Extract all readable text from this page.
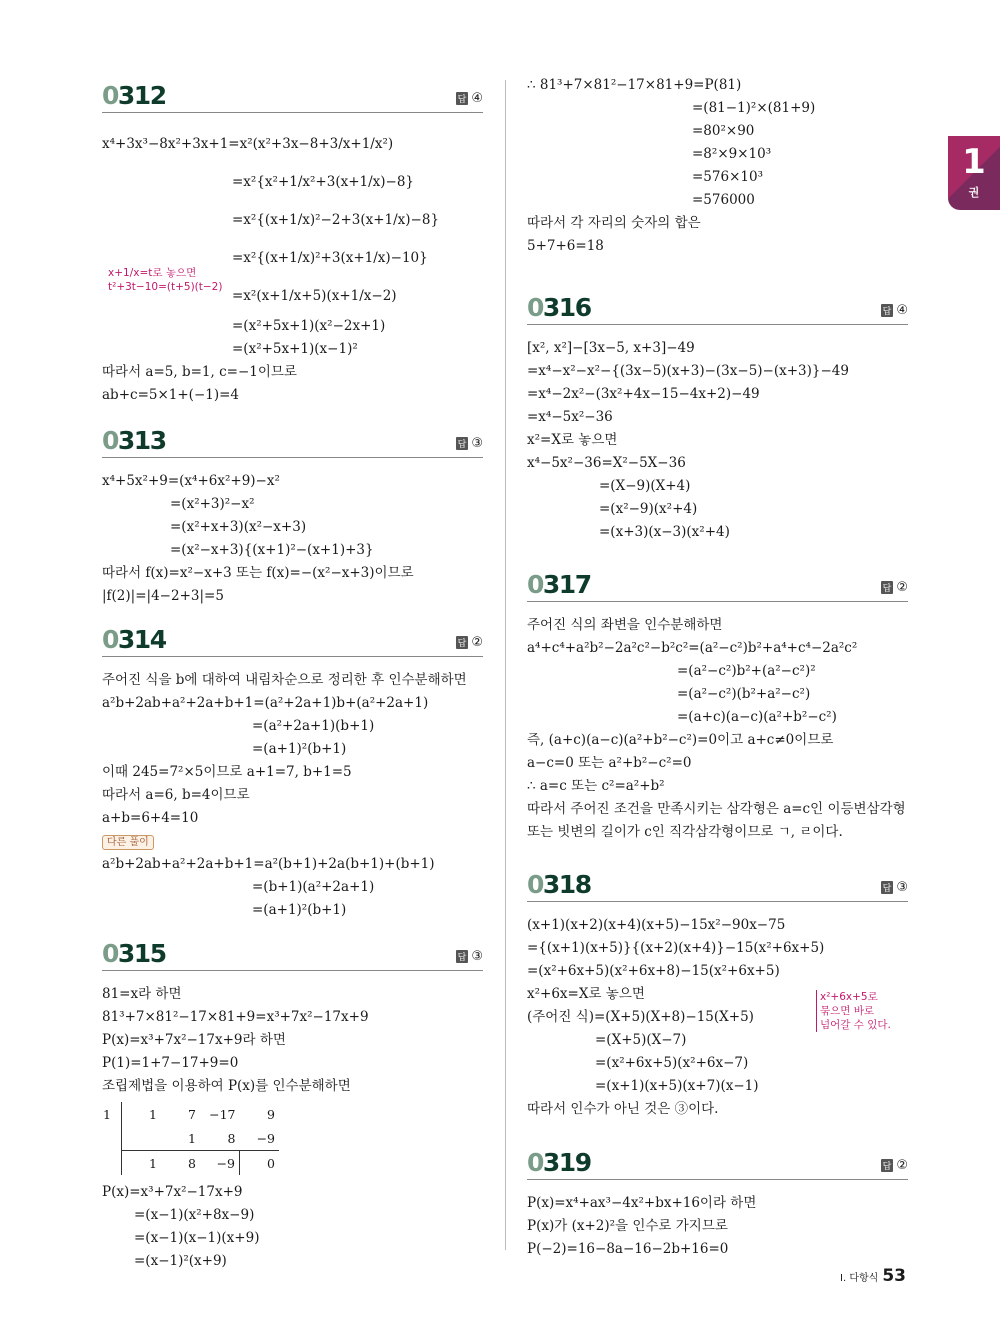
1
권
0312	답 ④
x⁴+3x³−8x²+3x+1=x²(x²+3x−8+3/x+1/x²)
=x²{x²+1/x²+3(x+1/x)−8}
=x²{(x+1/x)²−2+3(x+1/x)−8}
=x²{(x+1/x)²+3(x+1/x)−10}
=x²(x+1/x+5)(x+1/x−2)
=(x²+5x+1)(x²−2x+1)
=(x²+5x+1)(x−1)²
따라서 a=5, b=1, c=−1이므로
ab+c=5×1+(−1)=4
x+1/x=t로 놓으면
t²+3t−10=(t+5)(t−2)
0313	답 ③
x⁴+5x²+9=(x⁴+6x²+9)−x²
=(x²+3)²−x²
=(x²+x+3)(x²−x+3)
=(x²−x+3){(x+1)²−(x+1)+3}
따라서 f(x)=x²−x+3 또는 f(x)=−(x²−x+3)이므로
|f(2)|=|4−2+3|=5
0314	답 ②
주어진 식을 b에 대하여 내림차순으로 정리한 후 인수분해하면
a²b+2ab+a²+2a+b+1=(a²+2a+1)b+(a²+2a+1)
=(a²+2a+1)(b+1)
=(a+1)²(b+1)
이때 245=7²×5이므로 a+1=7, b+1=5
따라서 a=6, b=4이므로
a+b=6+4=10
다른 풀이
a²b+2ab+a²+2a+b+1=a²(b+1)+2a(b+1)+(b+1)
=(b+1)(a²+2a+1)
=(a+1)²(b+1)
0315	답 ③
81=x라 하면
81³+7×81²−17×81+9=x³+7x²−17x+9
P(x)=x³+7x²−17x+9라 하면
P(1)=1+7−17+9=0
조립제법을 이용하여 P(x)를 인수분해하면
1	1	7	−17	9
		1	8	−9
	1	8	−9	0
P(x)=x³+7x²−17x+9
=(x−1)(x²+8x−9)
=(x−1)(x−1)(x+9)
=(x−1)²(x+9)
∴ 81³+7×81²−17×81+9=P(81)
=(81−1)²×(81+9)
=80²×90
=8²×9×10³
=576×10³
=576000
따라서 각 자리의 숫자의 합은
5+7+6=18
0316	답 ④
[x², x²]−[3x−5, x+3]−49
=x⁴−x²−x²−{(3x−5)(x+3)−(3x−5)−(x+3)}−49
=x⁴−2x²−(3x²+4x−15−4x+2)−49
=x⁴−5x²−36
x²=X로 놓으면
x⁴−5x²−36=X²−5X−36
=(X−9)(X+4)
=(x²−9)(x²+4)
=(x+3)(x−3)(x²+4)
0317	답 ②
주어진 식의 좌변을 인수분해하면
a⁴+c⁴+a²b²−2a²c²−b²c²=(a²−c²)b²+a⁴+c⁴−2a²c²
=(a²−c²)b²+(a²−c²)²
=(a²−c²)(b²+a²−c²)
=(a+c)(a−c)(a²+b²−c²)
즉, (a+c)(a−c)(a²+b²−c²)=0이고 a+c≠0이므로
a−c=0 또는 a²+b²−c²=0
∴ a=c 또는 c²=a²+b²
따라서 주어진 조건을 만족시키는 삼각형은 a=c인 이등변삼각형
또는 빗변의 길이가 c인 직각삼각형이므로 ㄱ, ㄹ이다.
0318	답 ③
(x+1)(x+2)(x+4)(x+5)−15x²−90x−75
={(x+1)(x+5)}{(x+2)(x+4)}−15(x²+6x+5)
=(x²+6x+5)(x²+6x+8)−15(x²+6x+5)
x²+6x=X로 놓으면
(주어진 식)=(X+5)(X+8)−15(X+5)
=(X+5)(X−7)
=(x²+6x+5)(x²+6x−7)
=(x+1)(x+5)(x+7)(x−1)
따라서 인수가 아닌 것은 ③이다.
x²+6x+5로
묶으면 바로
넘어갈 수 있다.
0319	답 ②
P(x)=x⁴+ax³−4x²+bx+16이라 하면
P(x)가 (x+2)²을 인수로 가지므로
P(−2)=16−8a−16−2b+16=0
I. 다항식 53
